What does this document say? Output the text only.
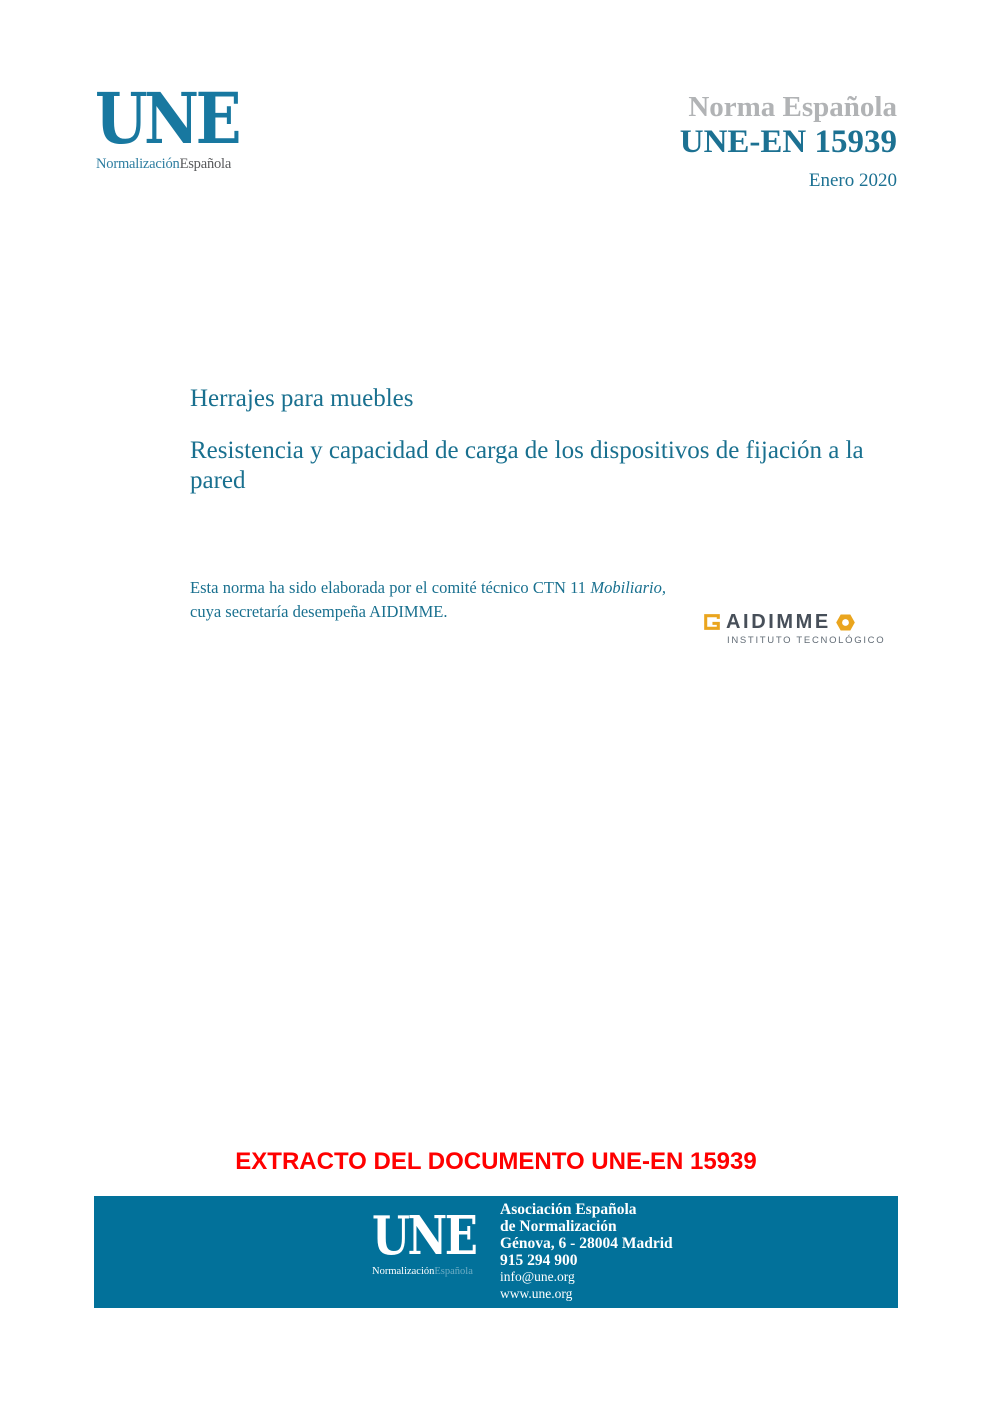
UNE
NormalizaciónEspañola
Norma Española
UNE-EN 15939
Enero 2020
Herrajes para muebles
Resistencia y capacidad de carga de los dispositivos de fijación a la pared
Esta norma ha sido elaborada por el comité técnico CTN 11 Mobiliario, cuya secretaría desempeña AIDIMME.	AIDIMME
INSTITUTO TECNOLÓGICO
EXTRACTO DEL DOCUMENTO UNE-EN 15939
UNE
NormalizaciónEspañola
Asociación Española
de Normalización
Génova, 6 - 28004 Madrid
915 294 900
info@une.org
www.une.org
